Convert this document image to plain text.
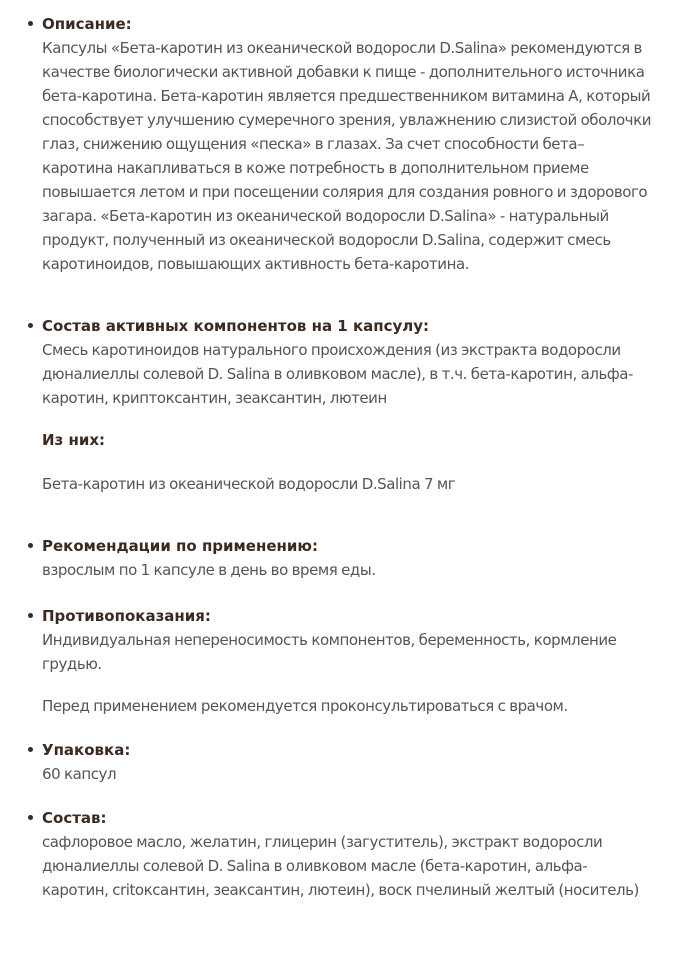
Описание:

Капсулы «Бета-каротин из океанической водоросли D.Salina» рекомендуются в качестве биологически активной добавки к пище - дополнительного источника бета-каротина. Бета-каротин является предшественником витамина А, который способствует улучшению сумеречного зрения, увлажнению слизистой оболочки глаз, снижению ощущения «песка» в глазах. За счет способности бета–каротина накапливаться в коже потребность в дополнительном приеме повышается летом и при посещении солярия для создания ровного и здорового загара. «Бета-каротин из океанической водоросли D.Salina» - натуральный продукт, полученный из океанической водоросли D.Salina, содержит смесь каротиноидов, повышающих активность бета-каротина.

Состав активных компонентов на 1 капсулу:

Смесь каротиноидов натурального происхождения (из экстракта водоросли дюналиеллы солевой D. Salina в оливковом масле), в т.ч. бета-каротин, альфа-каротин, криптоксантин, зеаксантин, лютеин

Из них:

Бета-каротин из океанической водоросли D.Salina 7 мг

Рекомендации по применению:

взрослым по 1 капсуле в день во время еды.

Противопоказания:

Индивидуальная непереносимость компонентов, беременность, кормление грудью.

Перед применением рекомендуется проконсультироваться с врачом.

Упаковка:

60 капсул

Состав:

сафлоровое масло, желатин, глицерин (загуститель), экстракт водоросли дюналиеллы солевой D. Salina в оливковом масле (бета-каротин, альфа-каротин, critoксантин, зеаксантин, лютеин), воск пчелиный желтый (носитель)
